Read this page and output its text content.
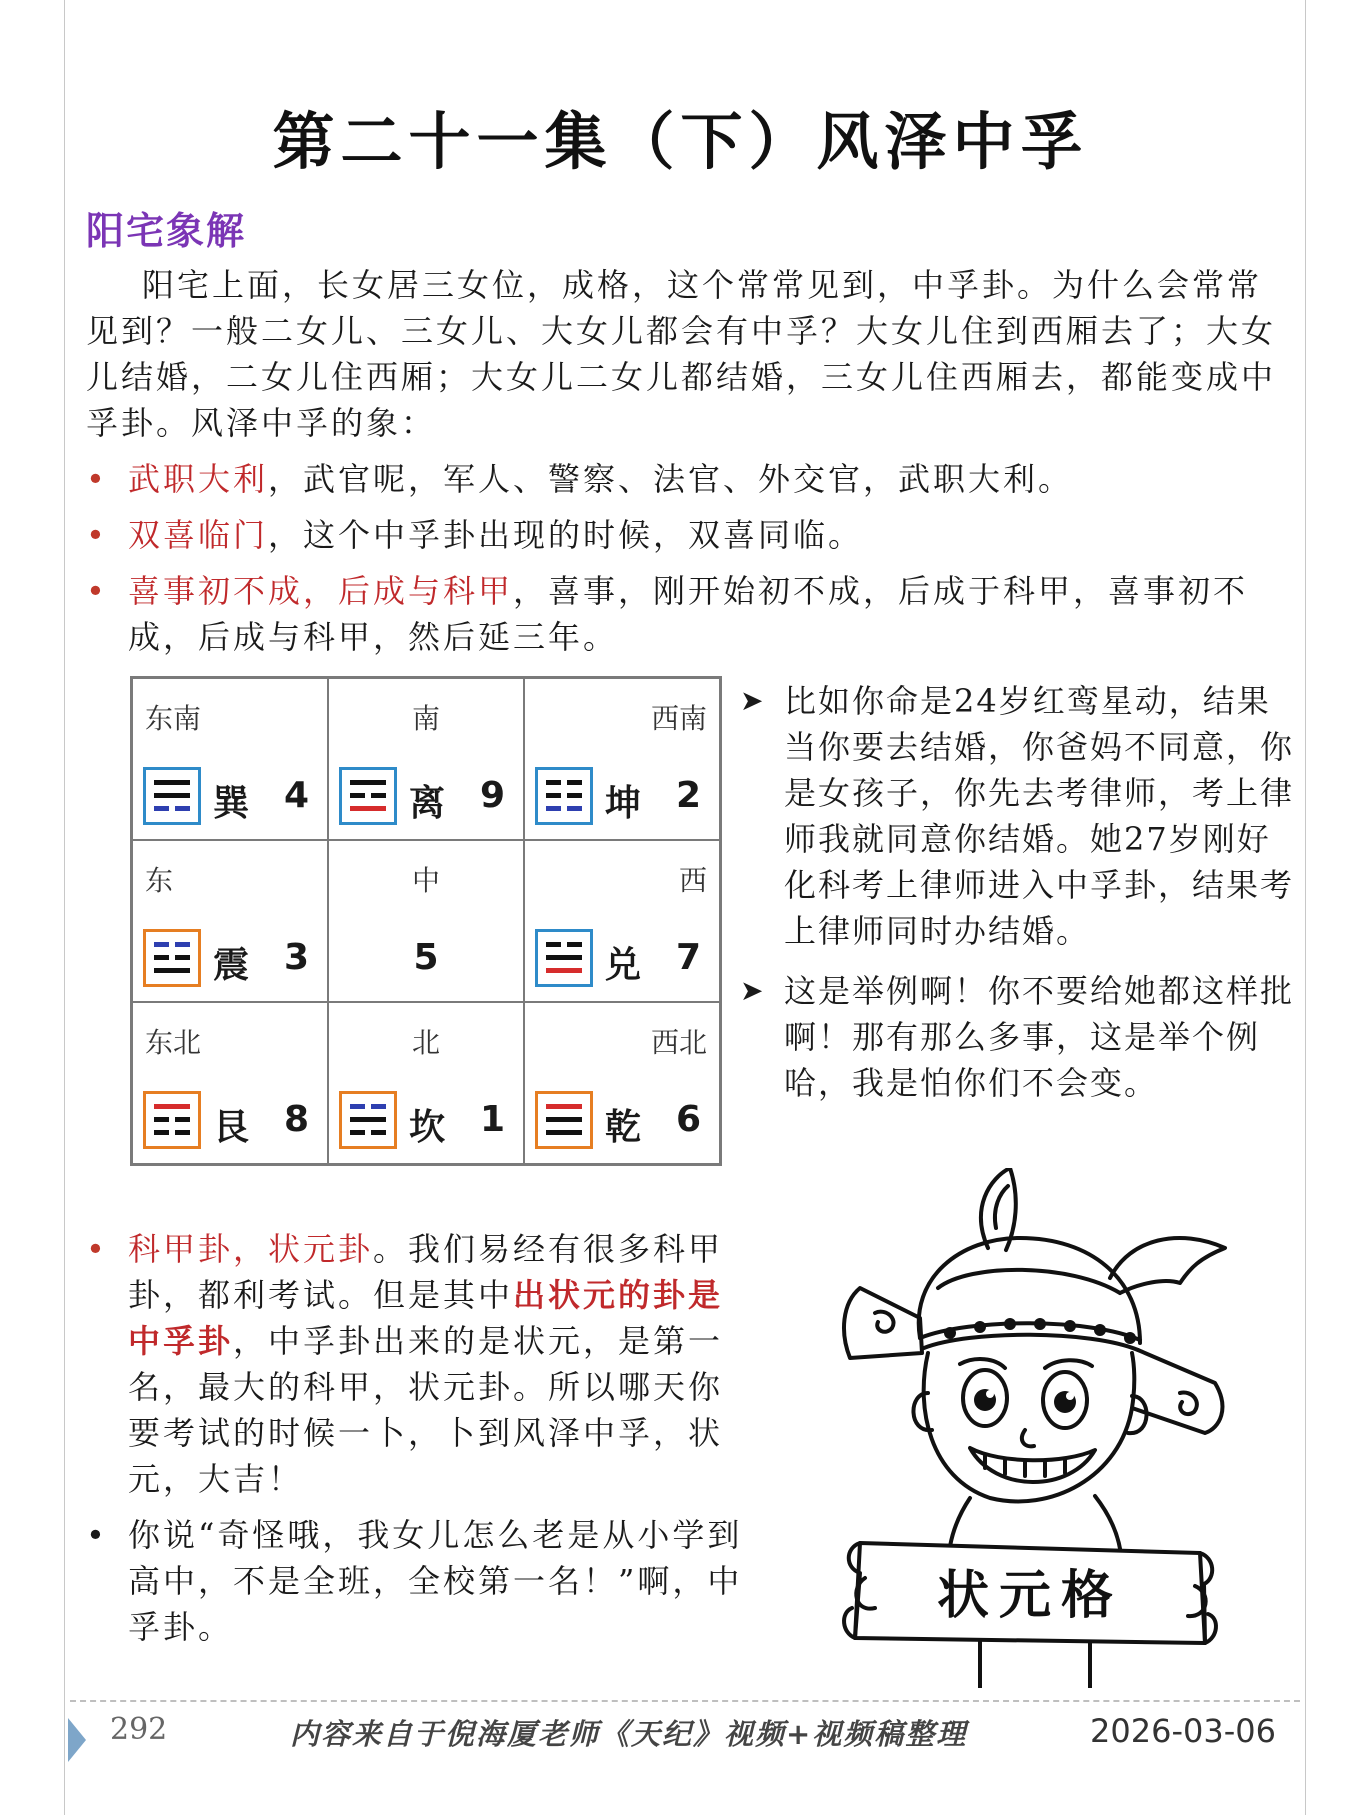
第二十一集（下）风泽中孚
阳宅象解
阳宅上面，长女居三女位，成格，这个常常见到，中孚卦。为什么会常常见到？一般二女儿、三女儿、大女儿都会有中孚？大女儿住到西厢去了；大女儿结婚，二女儿住西厢；大女儿二女儿都结婚，三女儿住西厢去，都能变成中孚卦。风泽中孚的象：
• 武职大利，武官呢，军人、警察、法官、外交官，武职大利。
• 双喜临门，这个中孚卦出现的时候，双喜同临。
• 喜事初不成，后成与科甲，喜事，刚开始初不成，后成于科甲，喜事初不成，后成与科甲，然后延三年。
东南
巽 4
南
离 9
西南
坤 2
东
震 3
中
5
西
兑 7
东北
艮 8
北
坎 1
西北
乾 6
➤ 比如你命是24岁红鸾星动，结果当你要去结婚，你爸妈不同意，你是女孩子，你先去考律师，考上律师我就同意你结婚。她27岁刚好化科考上律师进入中孚卦，结果考上律师同时办结婚。
➤ 这是举例啊！你不要给她都这样批啊！那有那么多事，这是举个例哈，我是怕你们不会变。
• 科甲卦，状元卦。我们易经有很多科甲卦，都利考试。但是其中出状元的卦是中孚卦，中孚卦出来的是状元，是第一名，最大的科甲，状元卦。所以哪天你要考试的时候一卜，卜到风泽中孚，状元，大吉！
• 你说“奇怪哦，我女儿怎么老是从小学到高中，不是全班，全校第一名！”啊，中孚卦。
状元格
292	内容来自于倪海厦老师《天纪》视频+视频稿整理	2026-03-06
